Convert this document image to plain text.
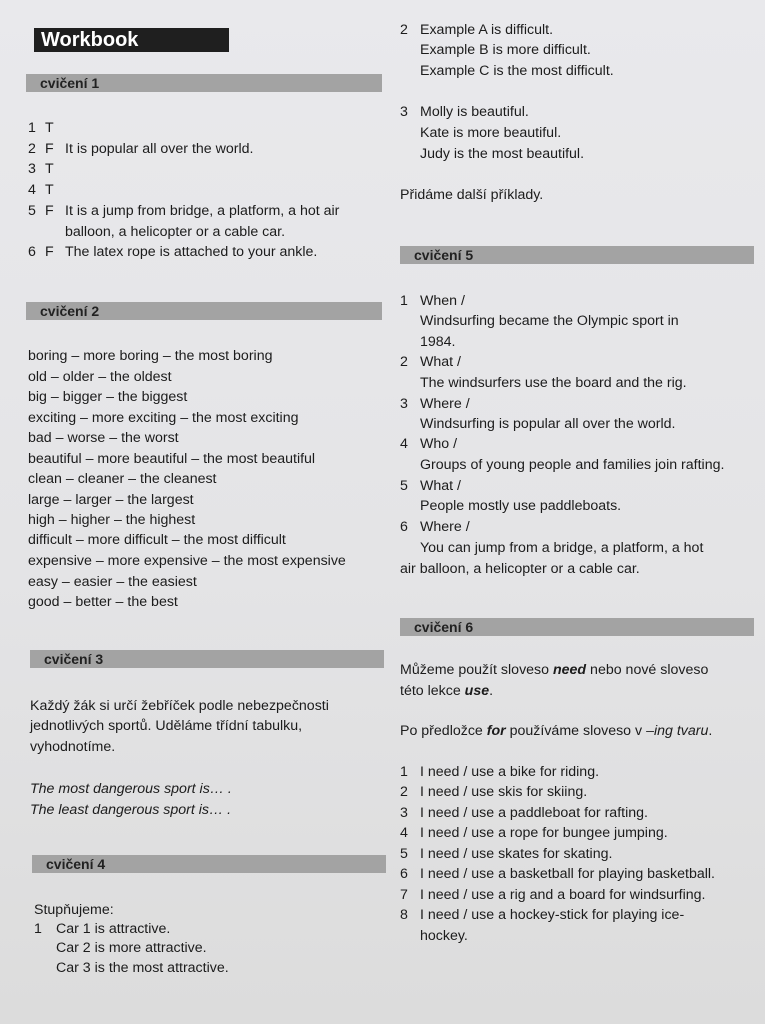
Workbook
cvičení 1
1 T
2 F It is popular all over the world.
3 T
4 T
5 F It is a jump from bridge, a platform, a hot air
balloon, a helicopter or a cable car.
6 F The latex rope is attached to your ankle.
cvičení 2
boring – more boring – the most boring
old – older – the oldest
big – bigger – the biggest
exciting – more exciting – the most exciting
bad – worse – the worst
beautiful – more beautiful – the most beautiful
clean – cleaner – the cleanest
large – larger – the largest
high – higher – the highest
difficult – more difficult – the most difficult
expensive – more expensive – the most expensive
easy – easier – the easiest
good – better – the best
cvičení 3
Každý žák si určí žebříček podle nebezpečnosti
jednotlivých sportů. Uděláme třídní tabulku,
vyhodnotíme.
The most dangerous sport is… .
The least dangerous sport is… .
cvičení 4
Stupňujeme:
1 Car 1 is attractive.
Car 2 is more attractive.
Car 3 is the most attractive.
2 Example A is difficult.
Example B is more difficult.
Example C is the most difficult.
3 Molly is beautiful.
Kate is more beautiful.
Judy is the most beautiful.
Přidáme další příklady.
cvičení 5
1 When /
Windsurfing became the Olympic sport in
1984.
2 What /
The windsurfers use the board and the rig.
3 Where /
Windsurfing is popular all over the world.
4 Who /
Groups of young people and families join rafting.
5 What /
People mostly use paddleboats.
6 Where /
You can jump from a bridge, a platform, a hot
air balloon, a helicopter or a cable car.
cvičení 6
Můžeme použít sloveso need nebo nové sloveso
této lekce use.
Po předložce for používáme sloveso v –ing tvaru.
1 I need / use a bike for riding.
2 I need / use skis for skiing.
3 I need / use a paddleboat for rafting.
4 I need / use a rope for bungee jumping.
5 I need / use skates for skating.
6 I need / use a basketball for playing basketball.
7 I need / use a rig and a board for windsurfing.
8 I need / use a hockey-stick for playing ice-
hockey.
